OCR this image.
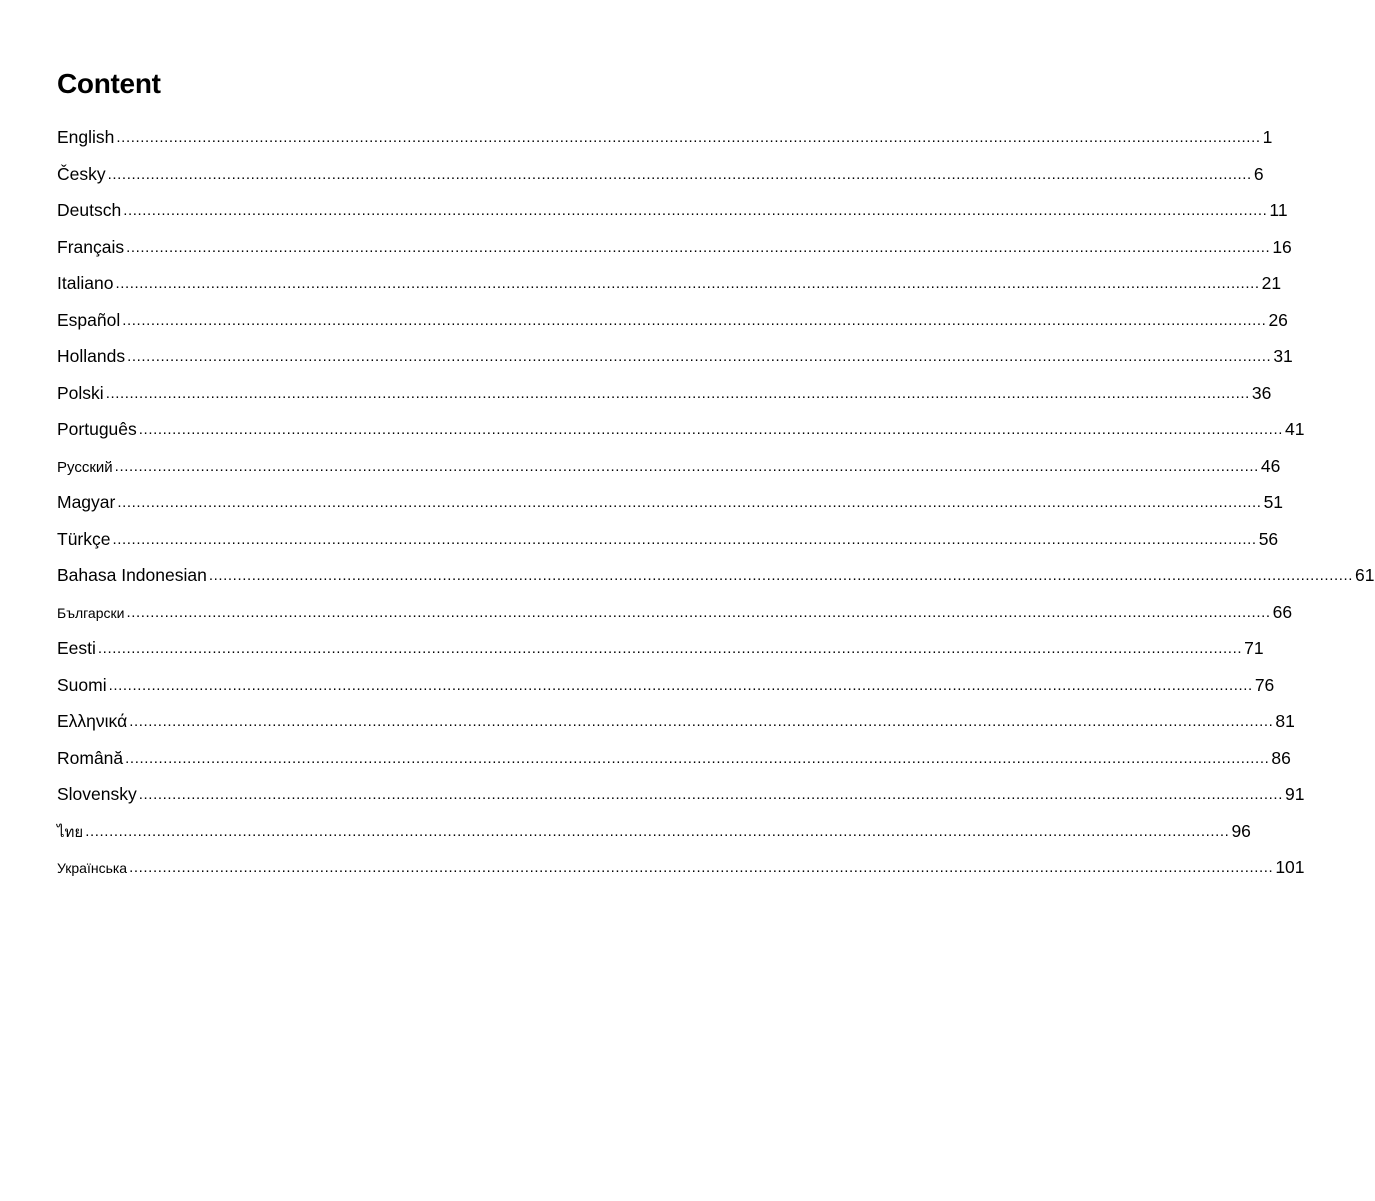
Content
English ................................................................................................................................................................................................................................................ 1
Česky ................................................................................................................................................................................................................................................ 6
Deutsch ................................................................................................................................................................................................................................................ 11
Français ................................................................................................................................................................................................................................................ 16
Italiano ................................................................................................................................................................................................................................................ 21
Español ................................................................................................................................................................................................................................................ 26
Hollands ................................................................................................................................................................................................................................................ 31
Polski ................................................................................................................................................................................................................................................ 36
Português ................................................................................................................................................................................................................................................ 41
Русский ................................................................................................................................................................................................................................................ 46
Magyar ................................................................................................................................................................................................................................................ 51
Türkçe ................................................................................................................................................................................................................................................ 56
Bahasa Indonesian ................................................................................................................................................................................................................................................ 61
Български ................................................................................................................................................................................................................................................ 66
Eesti ................................................................................................................................................................................................................................................ 71
Suomi ................................................................................................................................................................................................................................................ 76
Ελληνικά ................................................................................................................................................................................................................................................ 81
Română ................................................................................................................................................................................................................................................ 86
Slovensky ................................................................................................................................................................................................................................................ 91
ไทย ................................................................................................................................................................................................................................................ 96
Українська ................................................................................................................................................................................................................................................ 101
